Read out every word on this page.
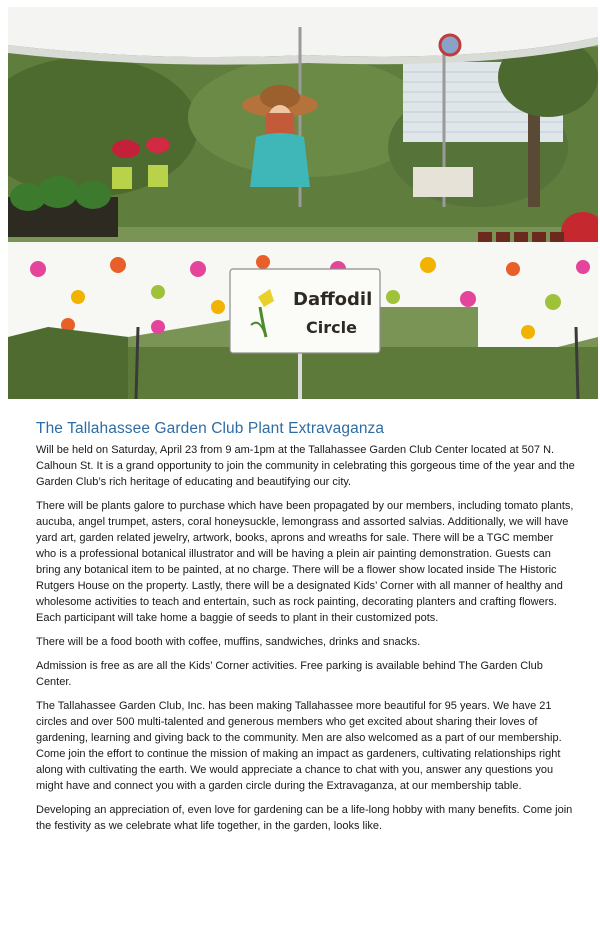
Daffodil
Circle
The Tallahassee Garden Club Plant Extravaganza

Will be held on Saturday, April 23 from 9 am-1pm at the Tallahassee Garden Club Center located at 507 N. Calhoun St. It is a grand opportunity to join the community in celebrating this gorgeous time of the year and the Garden Club’s rich heritage of educating and beautifying our city.

There will be plants galore to purchase which have been propagated by our members, including tomato plants, aucuba, angel trumpet, asters, coral honeysuckle, lemongrass and assorted salvias. Additionally, we will have yard art, garden related jewelry, artwork, books, aprons and wreaths for sale. There will be a TGC member who is a professional botanical illustrator and will be having a plein air painting demonstration. Guests can bring any botanical item to be painted, at no charge. There will be a flower show located inside The Historic Rutgers House on the property. Lastly, there will be a designated Kids’ Corner with all manner of healthy and wholesome activities to teach and entertain, such as rock painting, decorating planters and crafting flowers. Each participant will take home a baggie of seeds to plant in their customized pots.

There will be a food booth with coffee, muffins, sandwiches, drinks and snacks.

Admission is free as are all the Kids’ Corner activities. Free parking is available behind The Garden Club Center.

The Tallahassee Garden Club, Inc. has been making Tallahassee more beautiful for 95 years. We have 21 circles and over 500 multi-talented and generous members who get excited about sharing their loves of gardening, learning and giving back to the community. Men are also welcomed as a part of our membership. Come join the effort to continue the mission of making an impact as gardeners, cultivating relationships right along with cultivating the earth. We would appreciate a chance to chat with you, answer any questions you might have and connect you with a garden circle during the Extravaganza, at our membership table.

Developing an appreciation of, even love for gardening can be a life-long hobby with many benefits. Come join the festivity as we celebrate what life together, in the garden, looks like.
